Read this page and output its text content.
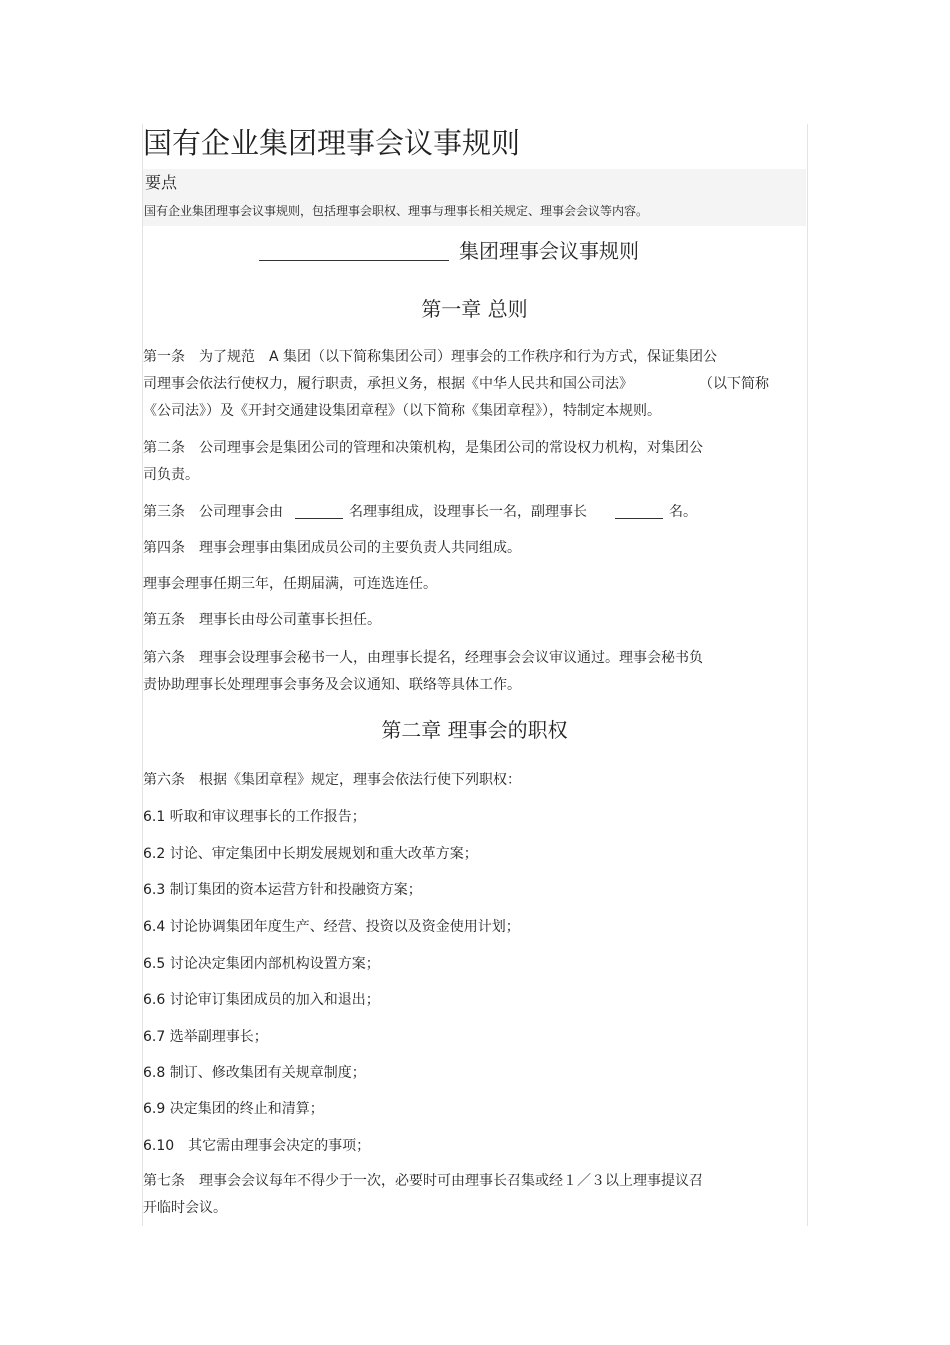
国有企业集团理事会议事规则
要点
国有企业集团理事会议事规则，包括理事会职权、理事与理事长相关规定、理事会会议等内容。
集团理事会议事规则
第一章 总则
第一条　为了规范　A 集团（以下简称集团公司）理事会的工作秩序和行为方式，保证集团公
司理事会依法行使权力，履行职责，承担义务，根据《中华人民共和国公司法》	（以下简称
《公司法》）及《开封交通建设集团章程》（以下简称《集团章程》），特制定本规则。
第二条　公司理事会是集团公司的管理和决策机构，是集团公司的常设权力机构，对集团公
司负责。
第三条　公司理事会由	名理事组成，设理事长一名，副理事长	名。
第四条　理事会理事由集团成员公司的主要负责人共同组成。
理事会理事任期三年，任期届满，可连选连任。
第五条　理事长由母公司董事长担任。
第六条　理事会设理事会秘书一人，由理事长提名，经理事会会议审议通过。理事会秘书负
责协助理事长处理理事会事务及会议通知、联络等具体工作。
第二章 理事会的职权
第六条　根据《集团章程》规定，理事会依法行使下列职权：
6.1 听取和审议理事长的工作报告；
6.2 讨论、审定集团中长期发展规划和重大改革方案；
6.3 制订集团的资本运营方针和投融资方案；
6.4 讨论协调集团年度生产、经营、投资以及资金使用计划；
6.5 讨论决定集团内部机构设置方案；
6.6 讨论审订集团成员的加入和退出；
6.7 选举副理事长；
6.8 制订、修改集团有关规章制度；
6.9 决定集团的终止和清算；
6.10　其它需由理事会决定的事项；
第七条　理事会会议每年不得少于一次，必要时可由理事长召集或经１／３以上理事提议召
开临时会议。
